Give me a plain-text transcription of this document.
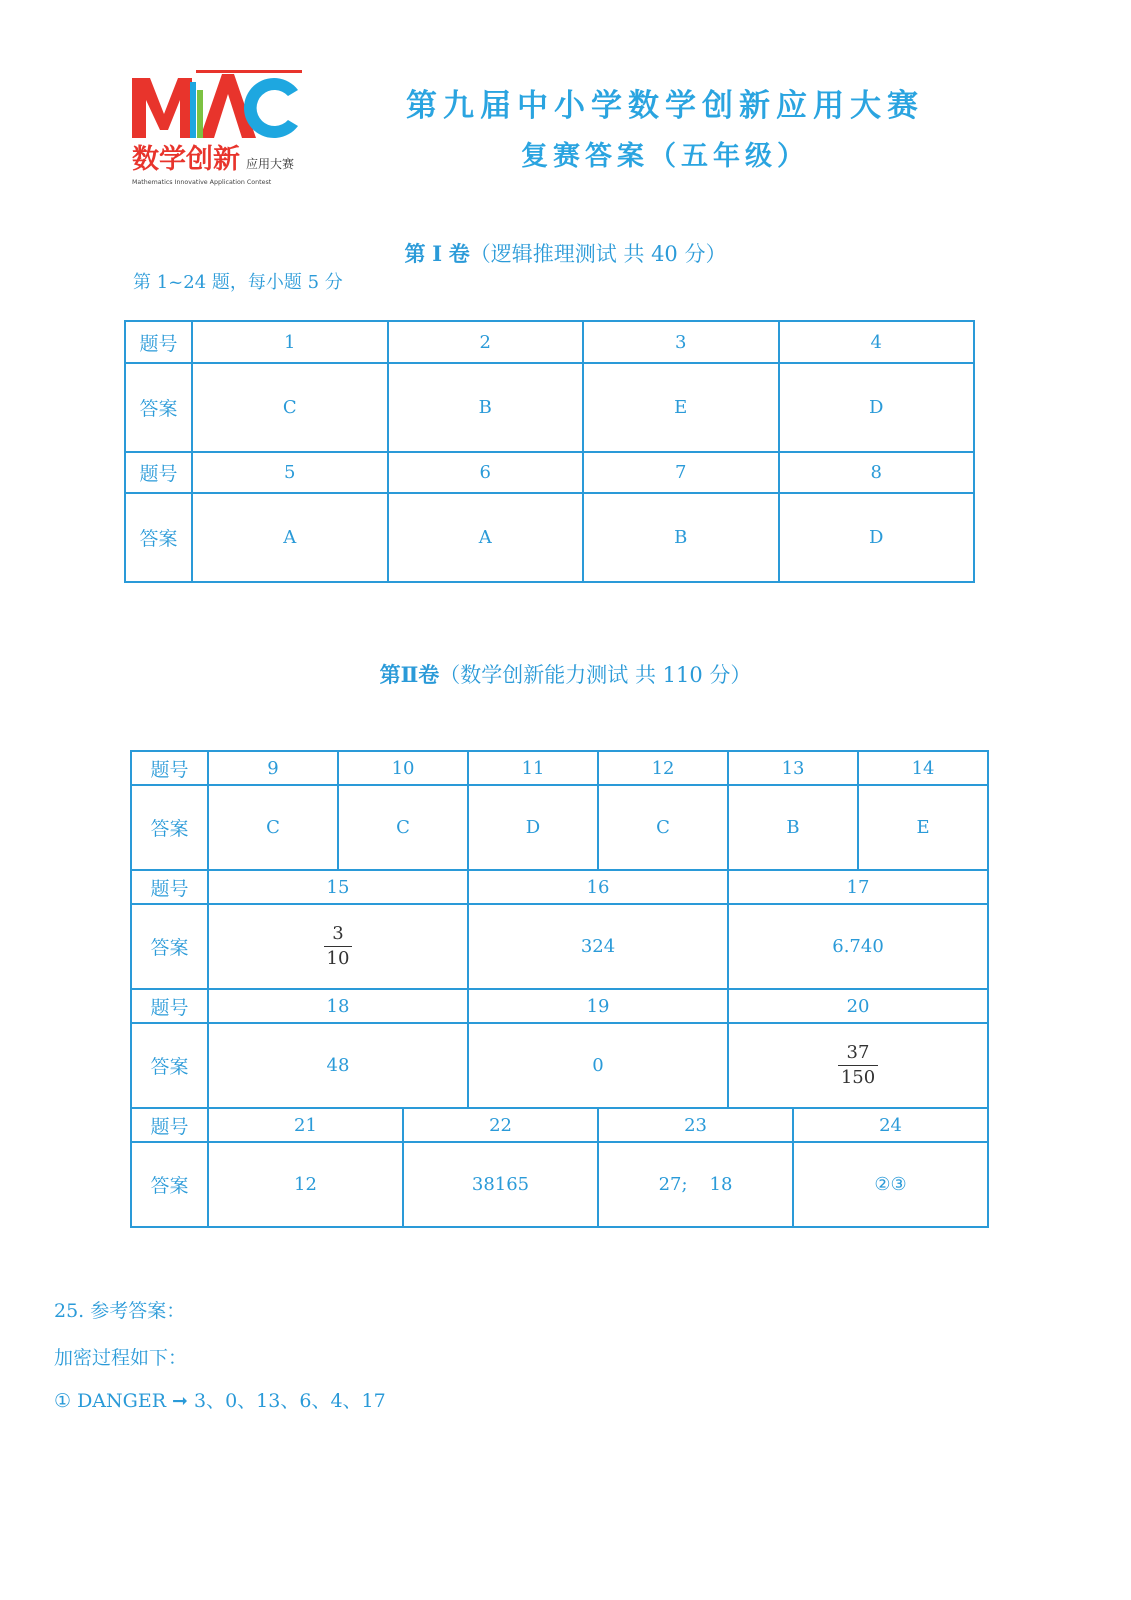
数学创新 应用大赛
Mathematics Innovative Application Contest
第九届中小学数学创新应用大赛
复赛答案（五年级）
第 Ⅰ 卷（逻辑推理测试 共 40 分）
第 1~24 题，每小题 5 分
题号	1	2	3	4
答案	C	B	E	D
题号	5	6	7	8
答案	A	A	B	D
第Ⅱ卷（数学创新能力测试 共 110 分）
题号	9	10		11	12	13		14
答案	C	C		D	C	B		E
题号	15			16		17		
答案	$\frac{3}{10}$			324		6.740		
题号	18			19		20		
答案	48			0		$\frac{37}{150}$

题号	21		22		23		24	
答案	12		38165		27; 18		②③	
25. 参考答案：
加密过程如下：
① DANGER ➞ 3、0、13、6、4、17
